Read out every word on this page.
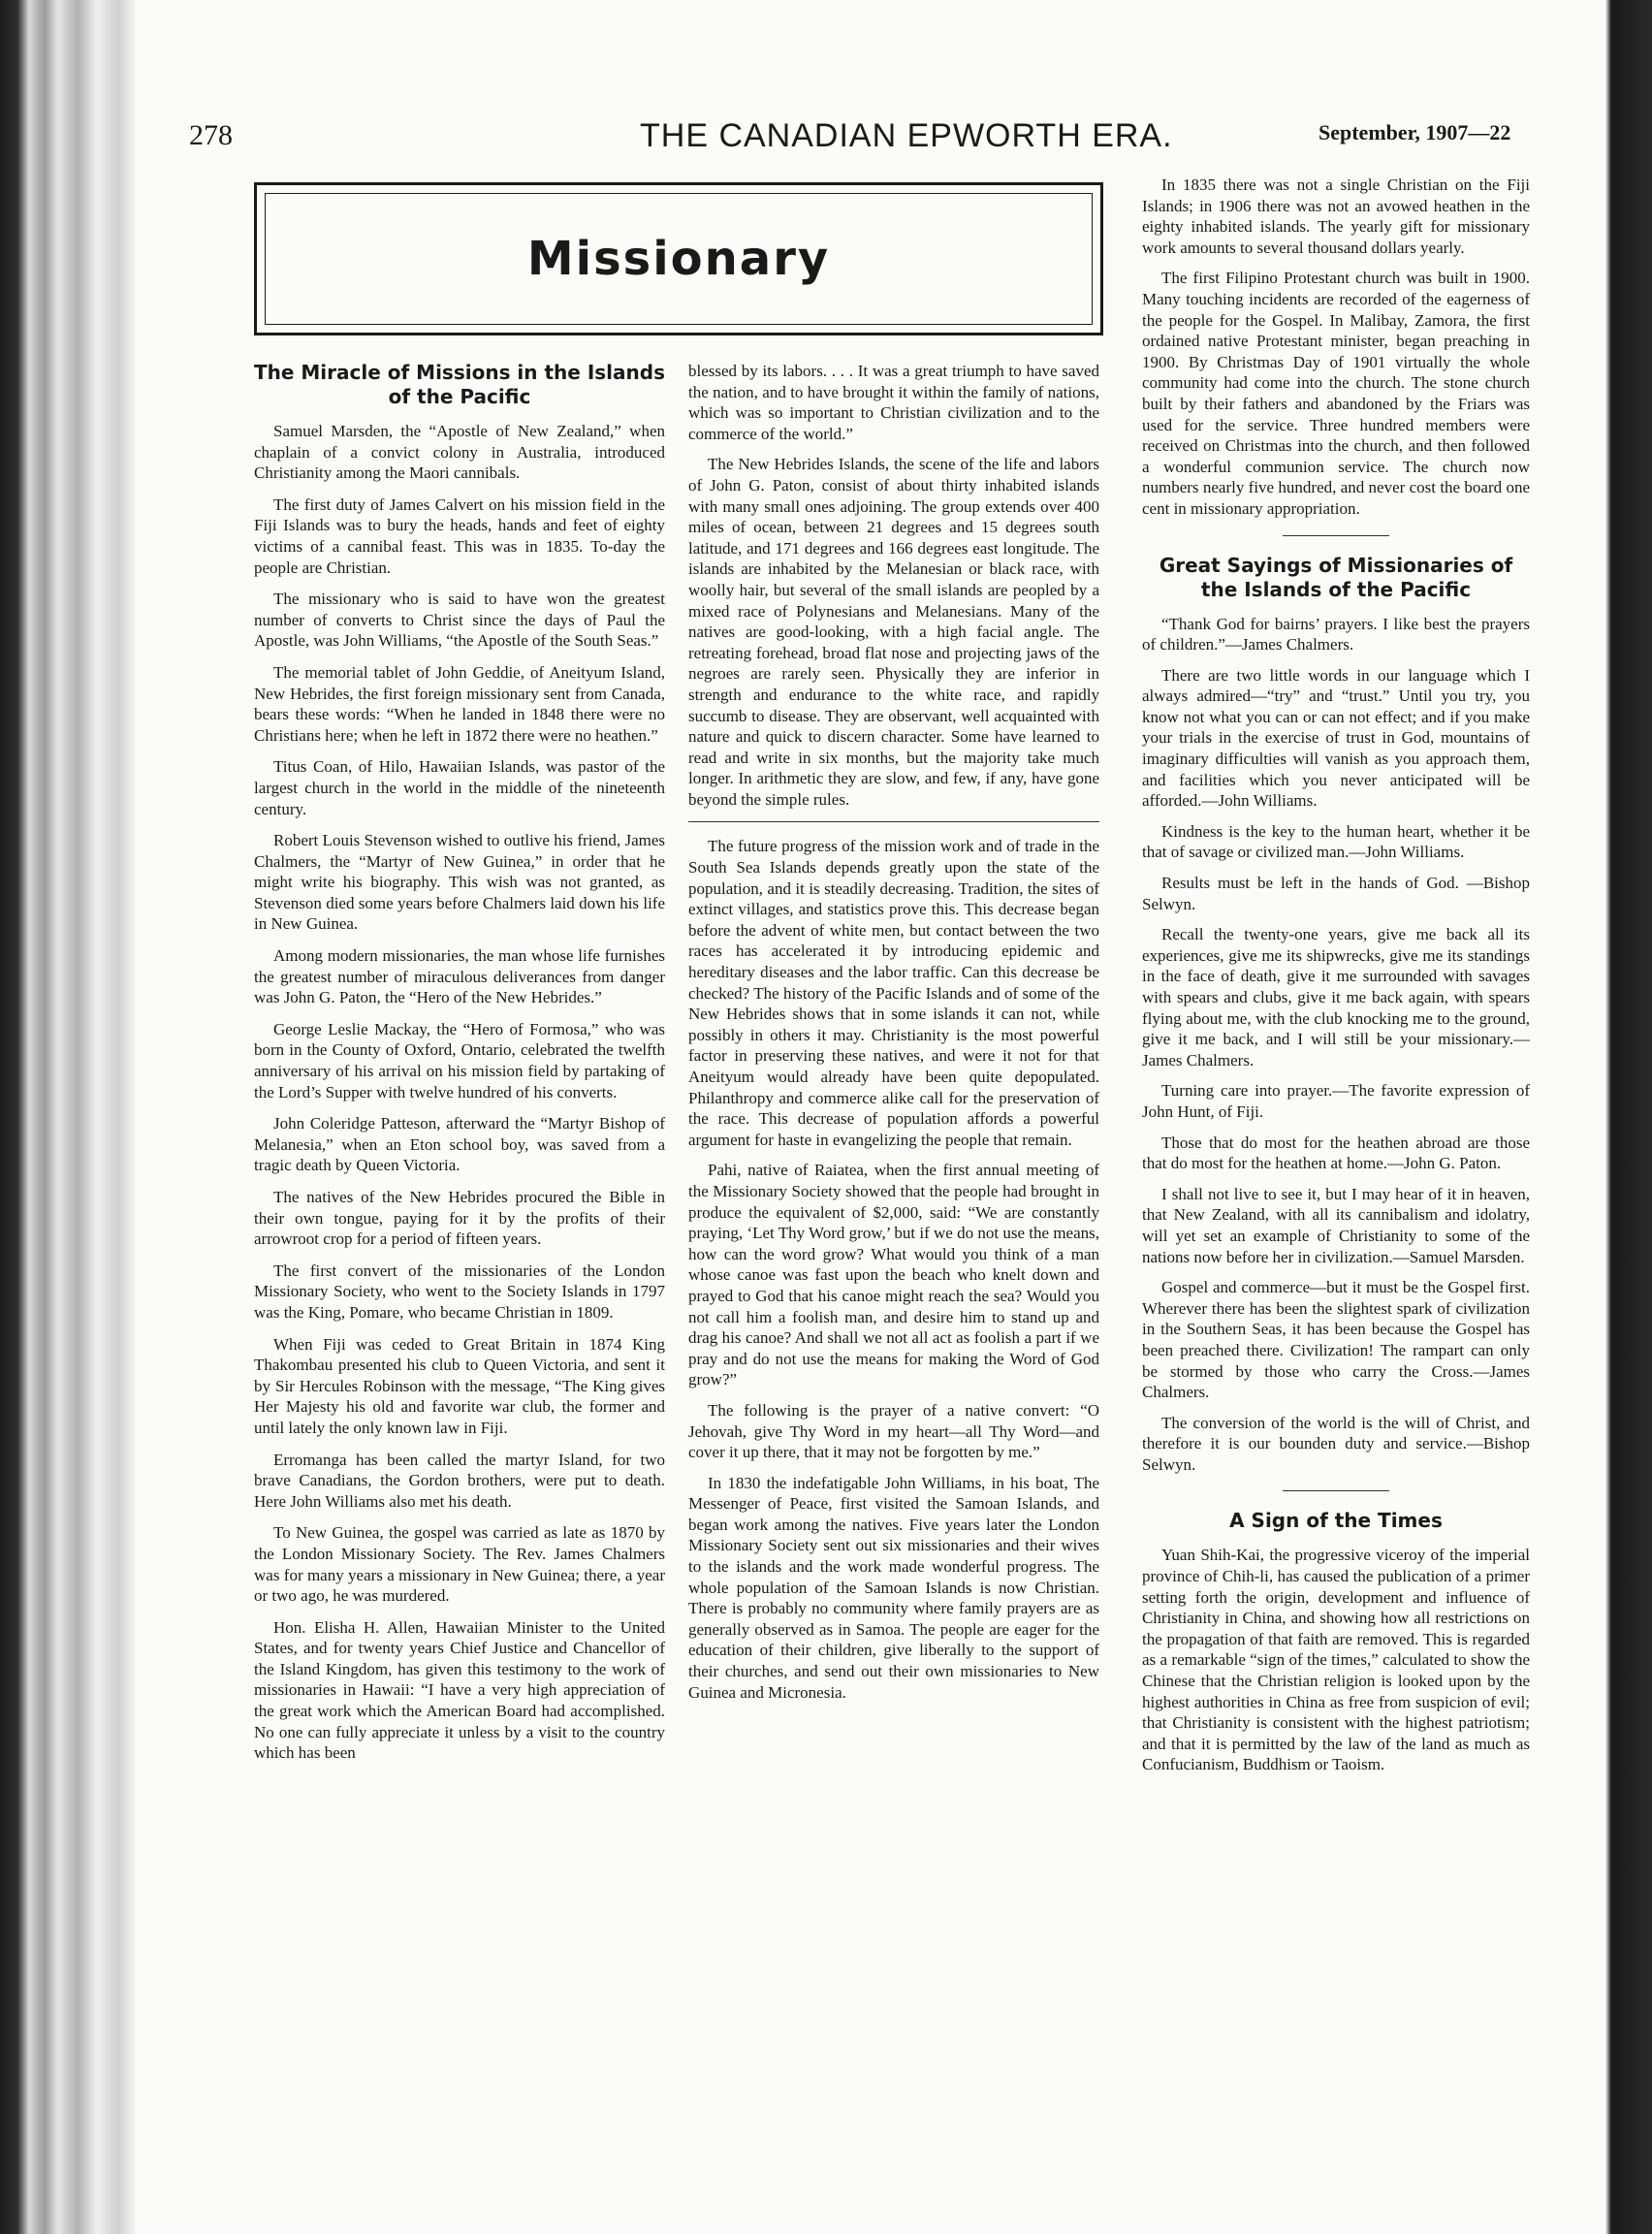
278	THE CANADIAN EPWORTH ERA.	September, 1907—22
Missionary
The Miracle of Missions in the Islands of the Pacific

Samuel Marsden, the “Apostle of New Zealand,” when chaplain of a convict colony in Australia, introduced Christianity among the Maori cannibals.

The first duty of James Calvert on his mission field in the Fiji Islands was to bury the heads, hands and feet of eighty victims of a cannibal feast. This was in 1835. To-day the people are Christian.

The missionary who is said to have won the greatest number of converts to Christ since the days of Paul the Apostle, was John Williams, “the Apostle of the South Seas.”

The memorial tablet of John Geddie, of Aneityum Island, New Hebrides, the first foreign missionary sent from Canada, bears these words: “When he landed in 1848 there were no Christians here; when he left in 1872 there were no heathen.”

Titus Coan, of Hilo, Hawaiian Islands, was pastor of the largest church in the world in the middle of the nineteenth century.

Robert Louis Stevenson wished to outlive his friend, James Chalmers, the “Martyr of New Guinea,” in order that he might write his biography. This wish was not granted, as Stevenson died some years before Chalmers laid down his life in New Guinea.

Among modern missionaries, the man whose life furnishes the greatest number of miraculous deliverances from danger was John G. Paton, the “Hero of the New Hebrides.”

George Leslie Mackay, the “Hero of Formosa,” who was born in the County of Oxford, Ontario, celebrated the twelfth anniversary of his arrival on his mission field by partaking of the Lord’s Supper with twelve hundred of his converts.

John Coleridge Patteson, afterward the “Martyr Bishop of Melanesia,” when an Eton school boy, was saved from a tragic death by Queen Victoria.

The natives of the New Hebrides procured the Bible in their own tongue, paying for it by the profits of their arrowroot crop for a period of fifteen years.

The first convert of the missionaries of the London Missionary Society, who went to the Society Islands in 1797 was the King, Pomare, who became Christian in 1809.

When Fiji was ceded to Great Britain in 1874 King Thakombau presented his club to Queen Victoria, and sent it by Sir Hercules Robinson with the message, “The King gives Her Majesty his old and favorite war club, the former and until lately the only known law in Fiji.

Erromanga has been called the martyr Island, for two brave Canadians, the Gordon brothers, were put to death. Here John Williams also met his death.

To New Guinea, the gospel was carried as late as 1870 by the London Missionary Society. The Rev. James Chalmers was for many years a missionary in New Guinea; there, a year or two ago, he was murdered.

Hon. Elisha H. Allen, Hawaiian Minister to the United States, and for twenty years Chief Justice and Chancellor of the Island Kingdom, has given this testimony to the work of missionaries in Hawaii: “I have a very high appreciation of the great work which the American Board had accomplished. No one can fully appreciate it unless by a visit to the country which has been

blessed by its labors. . . . It was a great triumph to have saved the nation, and to have brought it within the family of nations, which was so important to Christian civilization and to the commerce of the world.”

The New Hebrides Islands, the scene of the life and labors of John G. Paton, consist of about thirty inhabited islands with many small ones adjoining. The group extends over 400 miles of ocean, between 21 degrees and 15 degrees south latitude, and 171 degrees and 166 degrees east longitude. The islands are inhabited by the Melanesian or black race, with woolly hair, but several of the small islands are peopled by a mixed race of Polynesians and Melanesians. Many of the natives are good-looking, with a high facial angle. The retreating forehead, broad flat nose and projecting jaws of the negroes are rarely seen. Physically they are inferior in strength and endurance to the white race, and rapidly succumb to disease. They are observant, well acquainted with nature and quick to discern character. Some have learned to read and write in six months, but the majority take much longer. In arithmetic they are slow, and few, if any, have gone beyond the simple rules.

The future progress of the mission work and of trade in the South Sea Islands depends greatly upon the state of the population, and it is steadily decreasing. Tradition, the sites of extinct villages, and statistics prove this. This decrease began before the advent of white men, but contact between the two races has accelerated it by introducing epidemic and hereditary diseases and the labor traffic. Can this decrease be checked? The history of the Pacific Islands and of some of the New Hebrides shows that in some islands it can not, while possibly in others it may. Christianity is the most powerful factor in preserving these natives, and were it not for that Aneityum would already have been quite depopulated. Philanthropy and commerce alike call for the preservation of the race. This decrease of population affords a powerful argument for haste in evangelizing the people that remain.

Pahi, native of Raiatea, when the first annual meeting of the Missionary Society showed that the people had brought in produce the equivalent of $2,000, said: “We are constantly praying, ‘Let Thy Word grow,’ but if we do not use the means, how can the word grow? What would you think of a man whose canoe was fast upon the beach who knelt down and prayed to God that his canoe might reach the sea? Would you not call him a foolish man, and desire him to stand up and drag his canoe? And shall we not all act as foolish a part if we pray and do not use the means for making the Word of God grow?”

The following is the prayer of a native convert: “O Jehovah, give Thy Word in my heart—all Thy Word—and cover it up there, that it may not be forgotten by me.”

In 1830 the indefatigable John Williams, in his boat, The Messenger of Peace, first visited the Samoan Islands, and began work among the natives. Five years later the London Missionary Society sent out six missionaries and their wives to the islands and the work made wonderful progress. The whole population of the Samoan Islands is now Christian. There is probably no community where family prayers are as generally observed as in Samoa. The people are eager for the education of their children, give liberally to the support of their churches, and send out their own missionaries to New Guinea and Micronesia.

In 1835 there was not a single Christian on the Fiji Islands; in 1906 there was not an avowed heathen in the eighty inhabited islands. The yearly gift for missionary work amounts to several thousand dollars yearly.

The first Filipino Protestant church was built in 1900. Many touching incidents are recorded of the eagerness of the people for the Gospel. In Malibay, Zamora, the first ordained native Protestant minister, began preaching in 1900. By Christmas Day of 1901 virtually the whole community had come into the church. The stone church built by their fathers and abandoned by the Friars was used for the service. Three hundred members were received on Christmas into the church, and then followed a wonderful communion service. The church now numbers nearly five hundred, and never cost the board one cent in missionary appropriation.

Great Sayings of Missionaries of the Islands of the Pacific

“Thank God for bairns’ prayers. I like best the prayers of children.”—James Chalmers.

There are two little words in our language which I always admired—“try” and “trust.” Until you try, you know not what you can or can not effect; and if you make your trials in the exercise of trust in God, mountains of imaginary difficulties will vanish as you approach them, and facilities which you never anticipated will be afforded.—John Williams.

Kindness is the key to the human heart, whether it be that of savage or civilized man.—John Williams.

Results must be left in the hands of God. —Bishop Selwyn.

Recall the twenty-one years, give me back all its experiences, give me its shipwrecks, give me its standings in the face of death, give it me surrounded with savages with spears and clubs, give it me back again, with spears flying about me, with the club knocking me to the ground, give it me back, and I will still be your missionary.—James Chalmers.

Turning care into prayer.—The favorite expression of John Hunt, of Fiji.

Those that do most for the heathen abroad are those that do most for the heathen at home.—John G. Paton.

I shall not live to see it, but I may hear of it in heaven, that New Zealand, with all its cannibalism and idolatry, will yet set an example of Christianity to some of the nations now before her in civilization.—Samuel Marsden.

Gospel and commerce—but it must be the Gospel first. Wherever there has been the slightest spark of civilization in the Southern Seas, it has been because the Gospel has been preached there. Civilization! The rampart can only be stormed by those who carry the Cross.—James Chalmers.

The conversion of the world is the will of Christ, and therefore it is our bounden duty and service.—Bishop Selwyn.

A Sign of the Times

Yuan Shih-Kai, the progressive viceroy of the imperial province of Chih-li, has caused the publication of a primer setting forth the origin, development and influence of Christianity in China, and showing how all restrictions on the propagation of that faith are removed. This is regarded as a remarkable “sign of the times,” calculated to show the Chinese that the Christian religion is looked upon by the highest authorities in China as free from suspicion of evil; that Christianity is consistent with the highest patriotism; and that it is permitted by the law of the land as much as Confucianism, Buddhism or Taoism.
